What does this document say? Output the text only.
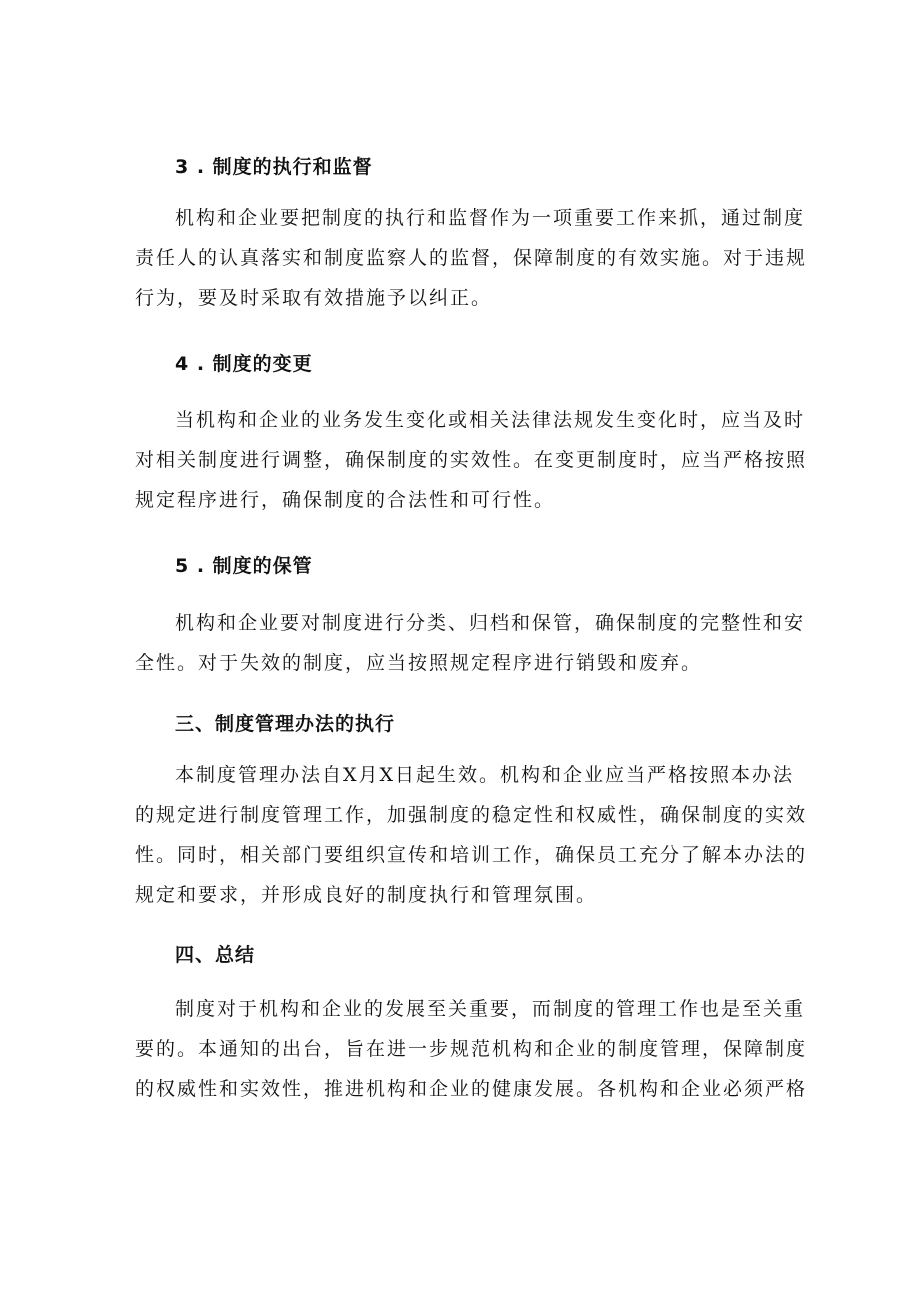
3 . 制度的执行和监督
机构和企业要把制度的执行和监督作为一项重要工作来抓，通过制度
责任人的认真落实和制度监察人的监督，保障制度的有效实施。对于违规
行为，要及时采取有效措施予以纠正。
4 . 制度的变更
当机构和企业的业务发生变化或相关法律法规发生变化时，应当及时
对相关制度进行调整，确保制度的实效性。在变更制度时，应当严格按照
规定程序进行，确保制度的合法性和可行性。
5 . 制度的保管
机构和企业要对制度进行分类、归档和保管，确保制度的完整性和安
全性。对于失效的制度，应当按照规定程序进行销毁和废弃。
三、制度管理办法的执行
本制度管理办法自X月X日起生效。机构和企业应当严格按照本办法
的规定进行制度管理工作，加强制度的稳定性和权威性，确保制度的实效
性。同时，相关部门要组织宣传和培训工作，确保员工充分了解本办法的
规定和要求，并形成良好的制度执行和管理氛围。
四、总结
制度对于机构和企业的发展至关重要，而制度的管理工作也是至关重
要的。本通知的出台，旨在进一步规范机构和企业的制度管理，保障制度
的权威性和实效性，推进机构和企业的健康发展。各机构和企业必须严格
